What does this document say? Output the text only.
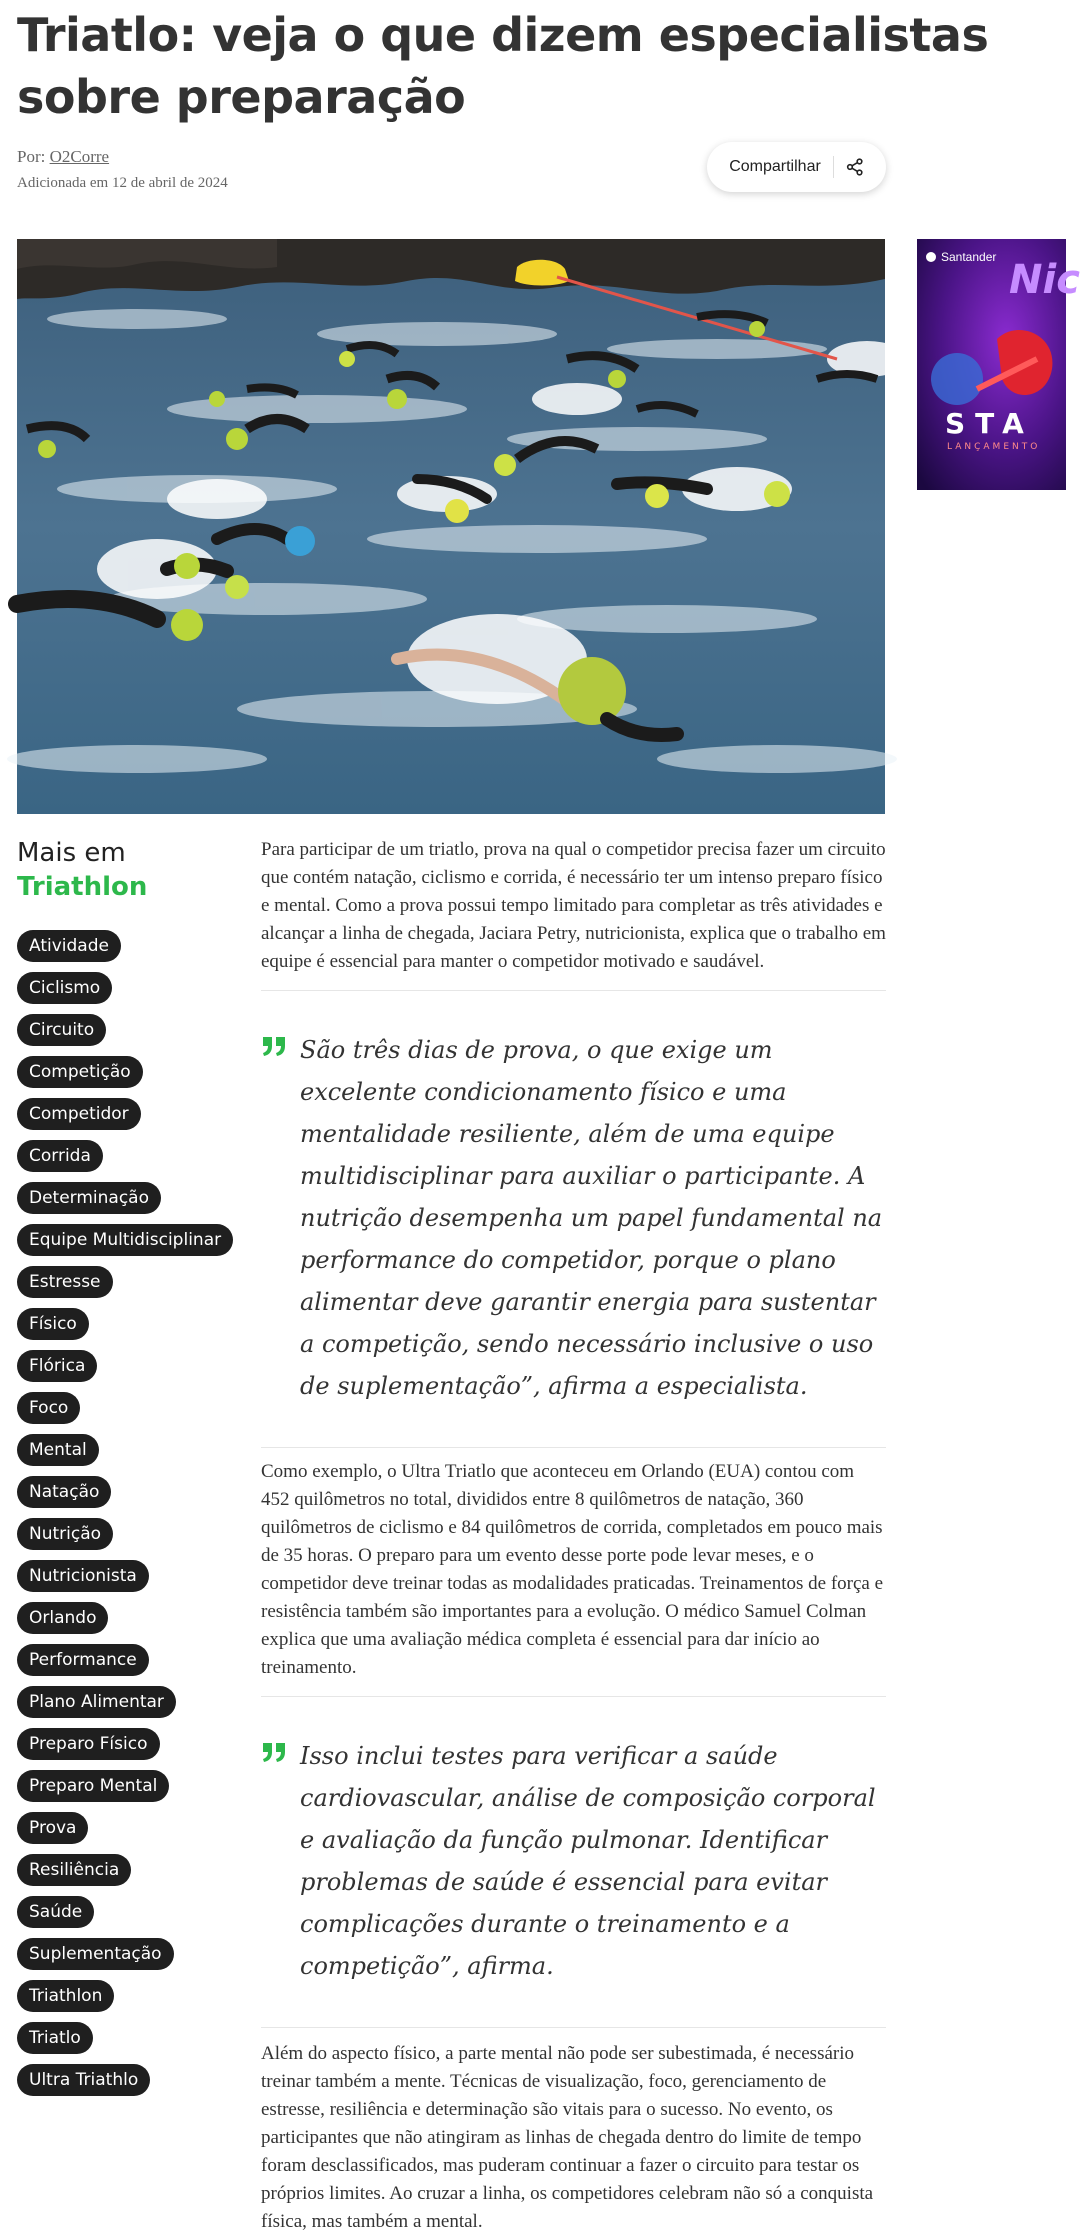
Triatlo: veja o que dizem especialistas sobre preparação
Por: O2Corre
Adicionada em 12 de abril de 2024
Compartilhar
Santander Nic
STA
LANÇAMENTO
Mais em
Triathlon
Atividade
Ciclismo
Circuito
Competição
Competidor
Corrida
Determinação
Equipe Multidisciplinar
Estresse
Físico
Flórica
Foco
Mental
Natação
Nutrição
Nutricionista
Orlando
Performance
Plano Alimentar
Preparo Físico
Preparo Mental
Prova
Resiliência
Saúde
Suplementação
Triathlon
Triatlo
Ultra Triathlo

Para participar de um triatlo, prova na qual o competidor precisa fazer um circuito que contém natação, ciclismo e corrida, é necessário ter um intenso preparo físico e mental. Como a prova possui tempo limitado para completar as três atividades e alcançar a linha de chegada, Jaciara Petry, nutricionista, explica que o trabalho em equipe é essencial para manter o competidor motivado e saudável.

São três dias de prova, o que exige um excelente condicionamento físico e uma mentalidade resiliente, além de uma equipe multidisciplinar para auxiliar o participante. A nutrição desempenha um papel fundamental na performance do competidor, porque o plano alimentar deve garantir energia para sustentar a competição, sendo necessário inclusive o uso de suplementação”, afirma a especialista.

Como exemplo, o Ultra Triatlo que aconteceu em Orlando (EUA) contou com 452 quilômetros no total, divididos entre 8 quilômetros de natação, 360 quilômetros de ciclismo e 84 quilômetros de corrida, completados em pouco mais de 35 horas. O preparo para um evento desse porte pode levar meses, e o competidor deve treinar todas as modalidades praticadas. Treinamentos de força e resistência também são importantes para a evolução. O médico Samuel Colman explica que uma avaliação médica completa é essencial para dar início ao treinamento.

Isso inclui testes para verificar a saúde cardiovascular, análise de composição corporal e avaliação da função pulmonar. Identificar problemas de saúde é essencial para evitar complicações durante o treinamento e a competição”, afirma.

Além do aspecto físico, a parte mental não pode ser subestimada, é necessário treinar também a mente. Técnicas de visualização, foco, gerenciamento de estresse, resiliência e determinação são vitais para o sucesso. No evento, os participantes que não atingiram as linhas de chegada dentro do limite de tempo foram desclassificados, mas puderam continuar a fazer o circuito para testar os próprios limites. Ao cruzar a linha, os competidores celebram não só a conquista física, mas também a mental.
